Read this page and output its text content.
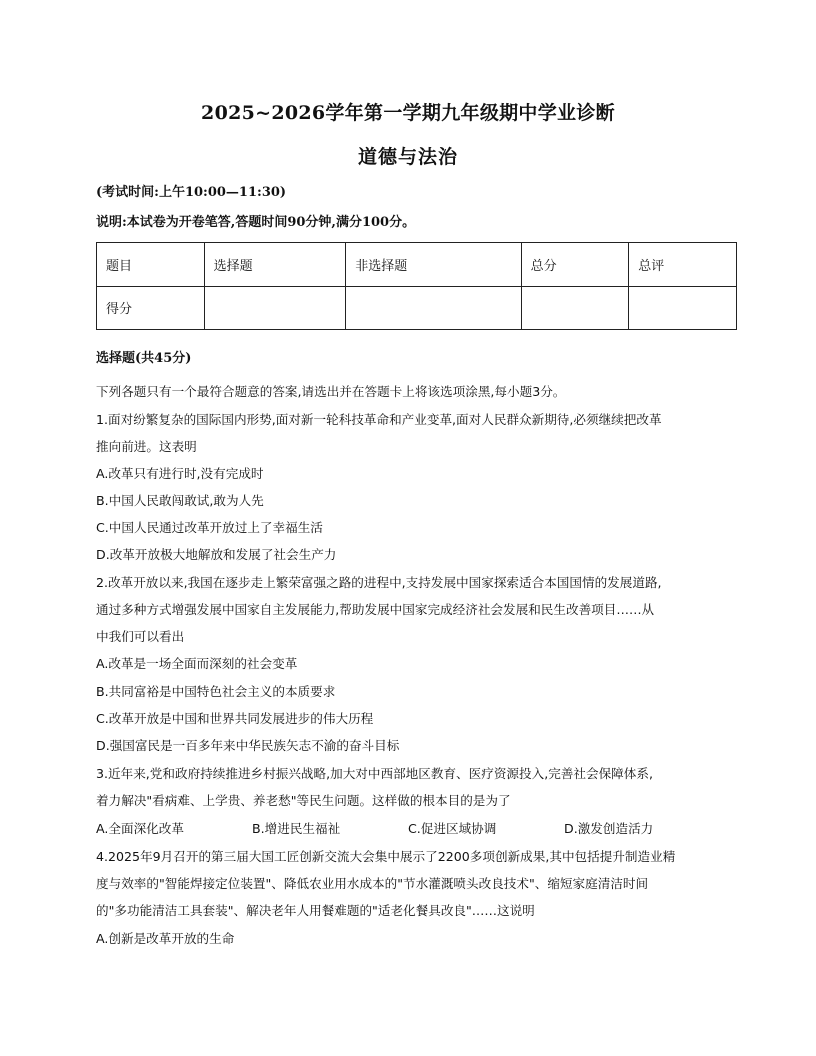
2025~2026学年第一学期九年级期中学业诊断
道德与法治
(考试时间:上午10:00—11:30)
说明:本试卷为开卷笔答,答题时间90分钟,满分100分。
题目	选择题	非选择题	总分	总评
得分				
选择题(共45分)
下列各题只有一个最符合题意的答案,请选出并在答题卡上将该选项涂黑,每小题3分。
1.面对纷繁复杂的国际国内形势,面对新一轮科技革命和产业变革,面对人民群众新期待,必须继续把改革
推向前进。这表明
A.改革只有进行时,没有完成时
B.中国人民敢闯敢试,敢为人先
C.中国人民通过改革开放过上了幸福生活
D.改革开放极大地解放和发展了社会生产力
2.改革开放以来,我国在逐步走上繁荣富强之路的进程中,支持发展中国家探索适合本国国情的发展道路,
通过多种方式增强发展中国家自主发展能力,帮助发展中国家完成经济社会发展和民生改善项目……从
中我们可以看出
A.改革是一场全面而深刻的社会变革
B.共同富裕是中国特色社会主义的本质要求
C.改革开放是中国和世界共同发展进步的伟大历程
D.强国富民是一百多年来中华民族矢志不渝的奋斗目标
3.近年来,党和政府持续推进乡村振兴战略,加大对中西部地区教育、医疗资源投入,完善社会保障体系,
着力解决"看病难、上学贵、养老愁"等民生问题。这样做的根本目的是为了
A.全面深化改革	B.增进民生福祉	C.促进区域协调	D.激发创造活力
4.2025年9月召开的第三届大国工匠创新交流大会集中展示了2200多项创新成果,其中包括提升制造业精
度与效率的"智能焊接定位装置"、降低农业用水成本的"节水灌溉喷头改良技术"、缩短家庭清洁时间
的"多功能清洁工具套装"、解决老年人用餐难题的"适老化餐具改良"……这说明
A.创新是改革开放的生命
